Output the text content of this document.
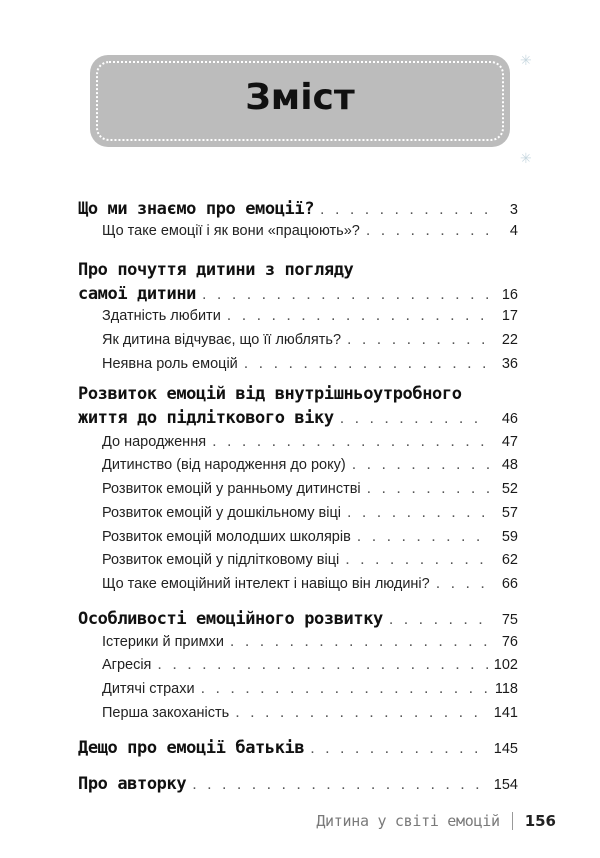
Зміст
✳
✳
Що ми знаємо про емоції? . . .	3
Що таке емоції і як вони «працюють»? . . .	4
Про почуття дитини з погляду
самої дитини . . .	16
Здатність любити . . .	17
Як дитина відчуває, що її люблять? . . .	22
Неявна роль емоцій . . .	36
Розвиток емоцій від внутрішньоутробного
життя до підліткового віку . . .	46
До народження . . .	47
Дитинство (від народження до року) . . .	48
Розвиток емоцій у ранньому дитинстві . . .	52
Розвиток емоцій у дошкільному віці . . .	57
Розвиток емоцій молодших школярів . . .	59
Розвиток емоцій у підлітковому віці . . .	62
Що таке емоційний інтелект і навіщо він людині? . . .	66
Особливості емоційного розвитку . . .	75
Істерики й примхи . . .	76
Агресія . . .	102
Дитячі страхи . . .	118
Перша закоханість . . .	141
Дещо про емоції батьків . . .	145
Про авторку . . .	154
Дитина у світі емоцій 156
